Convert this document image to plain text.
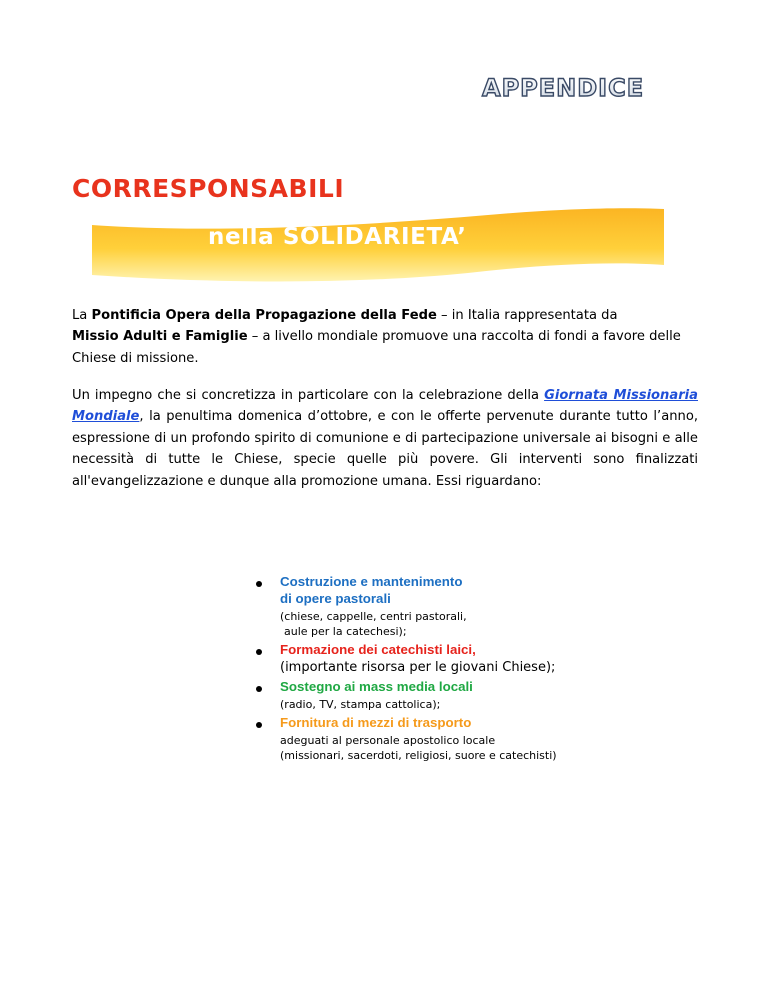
APPENDICE
CORRESPONSABILI
nella SOLIDARIETA’

La Pontificia Opera della Propagazione della Fede – in Italia rappresentata da
Missio Adulti e Famiglie – a livello mondiale promuove una raccolta di fondi a favore delle Chiese di missione.

Un impegno che si concretizza in particolare con la celebrazione della Giornata Missionaria Mondiale, la penultima domenica d’ottobre, e con le offerte pervenute durante tutto l’anno, espressione di un profondo spirito di comunione e di partecipazione universale ai bisogni e alle necessità di tutte le Chiese, specie quelle più povere. Gli interventi sono finalizzati all'evangelizzazione e dunque alla promozione umana. Essi riguardano:

Costruzione e mantenimento
di opere pastorali
(chiese, cappelle, centri pastorali,
aule per la catechesi);
Formazione dei catechisti laici,
(importante risorsa per le giovani Chiese);
Sostegno ai mass media locali
(radio, TV, stampa cattolica);
Fornitura di mezzi di trasporto
adeguati al personale apostolico locale
(missionari, sacerdoti, religiosi, suore e catechisti)
